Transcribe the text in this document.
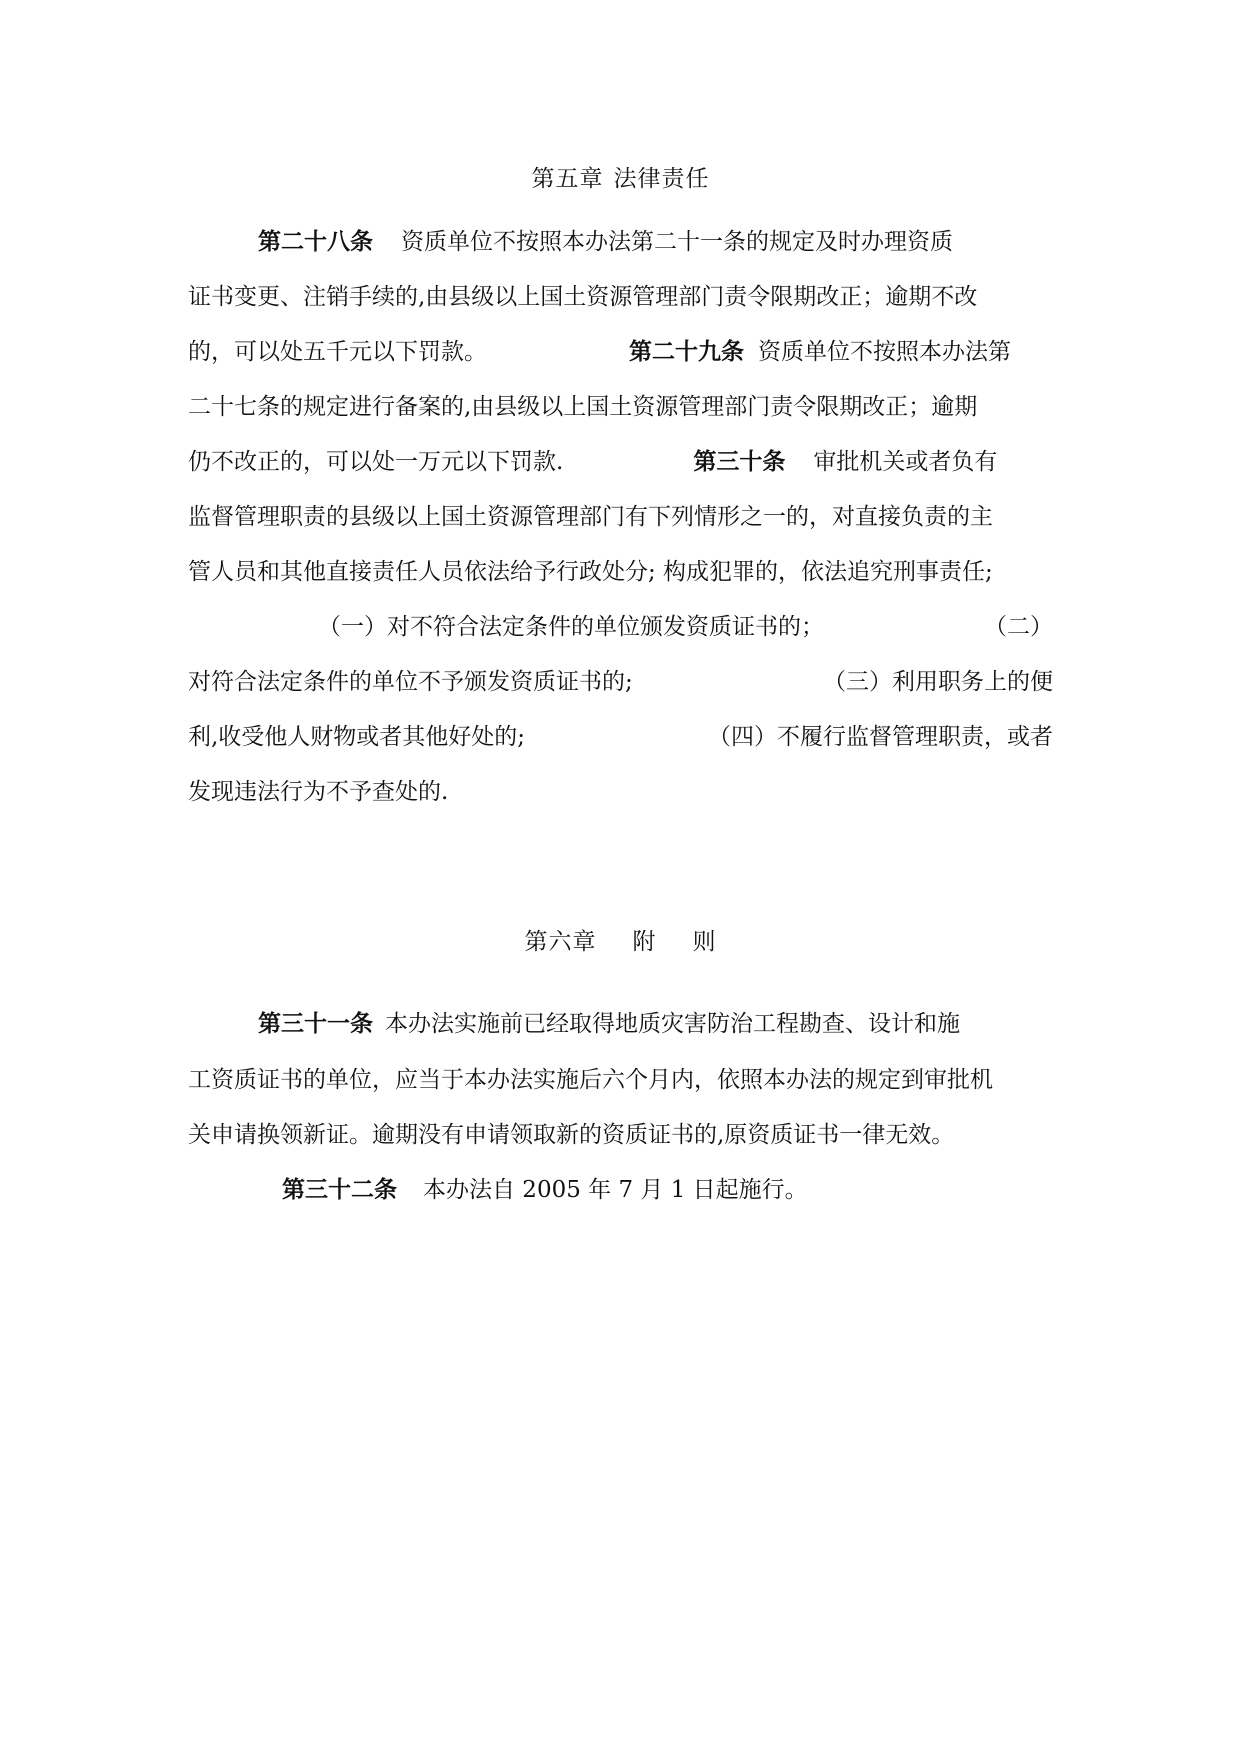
第五章 法律责任
第二十八条 资质单位不按照本办法第二十一条的规定及时办理资质
证书变更、注销手续的,由县级以上国土资源管理部门责令限期改正；逾期不改
的，可以处五千元以下罚款。	第二十九条 资质单位不按照本办法第
二十七条的规定进行备案的,由县级以上国土资源管理部门责令限期改正；逾期
仍不改正的，可以处一万元以下罚款.	第三十条 审批机关或者负有
监督管理职责的县级以上国土资源管理部门有下列情形之一的，对直接负责的主
管人员和其他直接责任人员依法给予行政处分; 构成犯罪的，依法追究刑事责任;
（一）对不符合法定条件的单位颁发资质证书的；	（二）
对符合法定条件的单位不予颁发资质证书的;	（三）利用职务上的便
利,收受他人财物或者其他好处的;	（四）不履行监督管理职责，或者
发现违法行为不予查处的.
第六章 附 则
第三十一条 本办法实施前已经取得地质灾害防治工程勘查、设计和施
工资质证书的单位，应当于本办法实施后六个月内，依照本办法的规定到审批机
关申请换领新证。逾期没有申请领取新的资质证书的,原资质证书一律无效。
第三十二条 本办法自 2005 年 7 月 1 日起施行。
